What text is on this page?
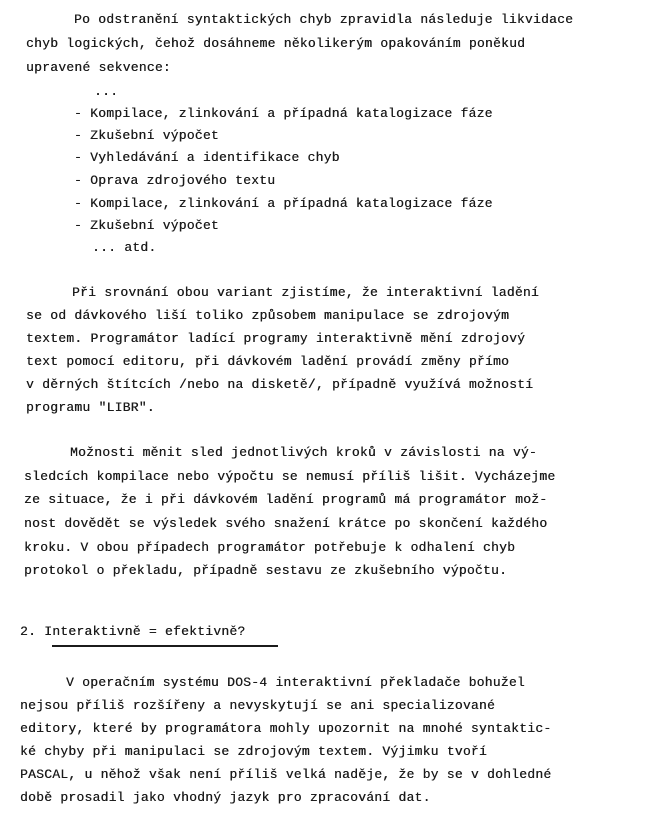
Po odstranění syntaktických chyb zpravidla následuje likvidace
chyb logických, čehož dosáhneme několikerým opakováním poněkud
upravené sekvence:
...
- Kompilace, zlinkování a případná katalogizace fáze
- Zkušební výpočet
- Vyhledávání a identifikace chyb
- Oprava zdrojového textu
- Kompilace, zlinkování a případná katalogizace fáze
- Zkušební výpočet
... atd.
Při srovnání obou variant zjistíme, že interaktivní ladění
se od dávkového liší toliko způsobem manipulace se zdrojovým
textem. Programátor ladící programy interaktivně mění zdrojový
text pomocí editoru, při dávkovém ladění provádí změny přímo
v děrných štítcích /nebo na disketě/, případně využívá možností
programu "LIBR".
Možnosti měnit sled jednotlivých kroků v závislosti na vý-
sledcích kompilace nebo výpočtu se nemusí příliš lišit. Vycházejme
ze situace, že i při dávkovém ladění programů má programátor mož-
nost dovědět se výsledek svého snažení krátce po skončení každého
kroku. V obou případech programátor potřebuje k odhalení chyb
protokol o překladu, případně sestavu ze zkušebního výpočtu.
2. Interaktivně = efektivně?
V operačním systému DOS-4 interaktivní překladače bohužel
nejsou příliš rozšířeny a nevyskytují se ani specializované
editory, které by programátora mohly upozornit na mnohé syntaktic-
ké chyby při manipulaci se zdrojovým textem. Výjimku tvoří
PASCAL, u něhož však není příliš velká naděje, že by se v dohledné
době prosadil jako vhodný jazyk pro zpracování dat.
